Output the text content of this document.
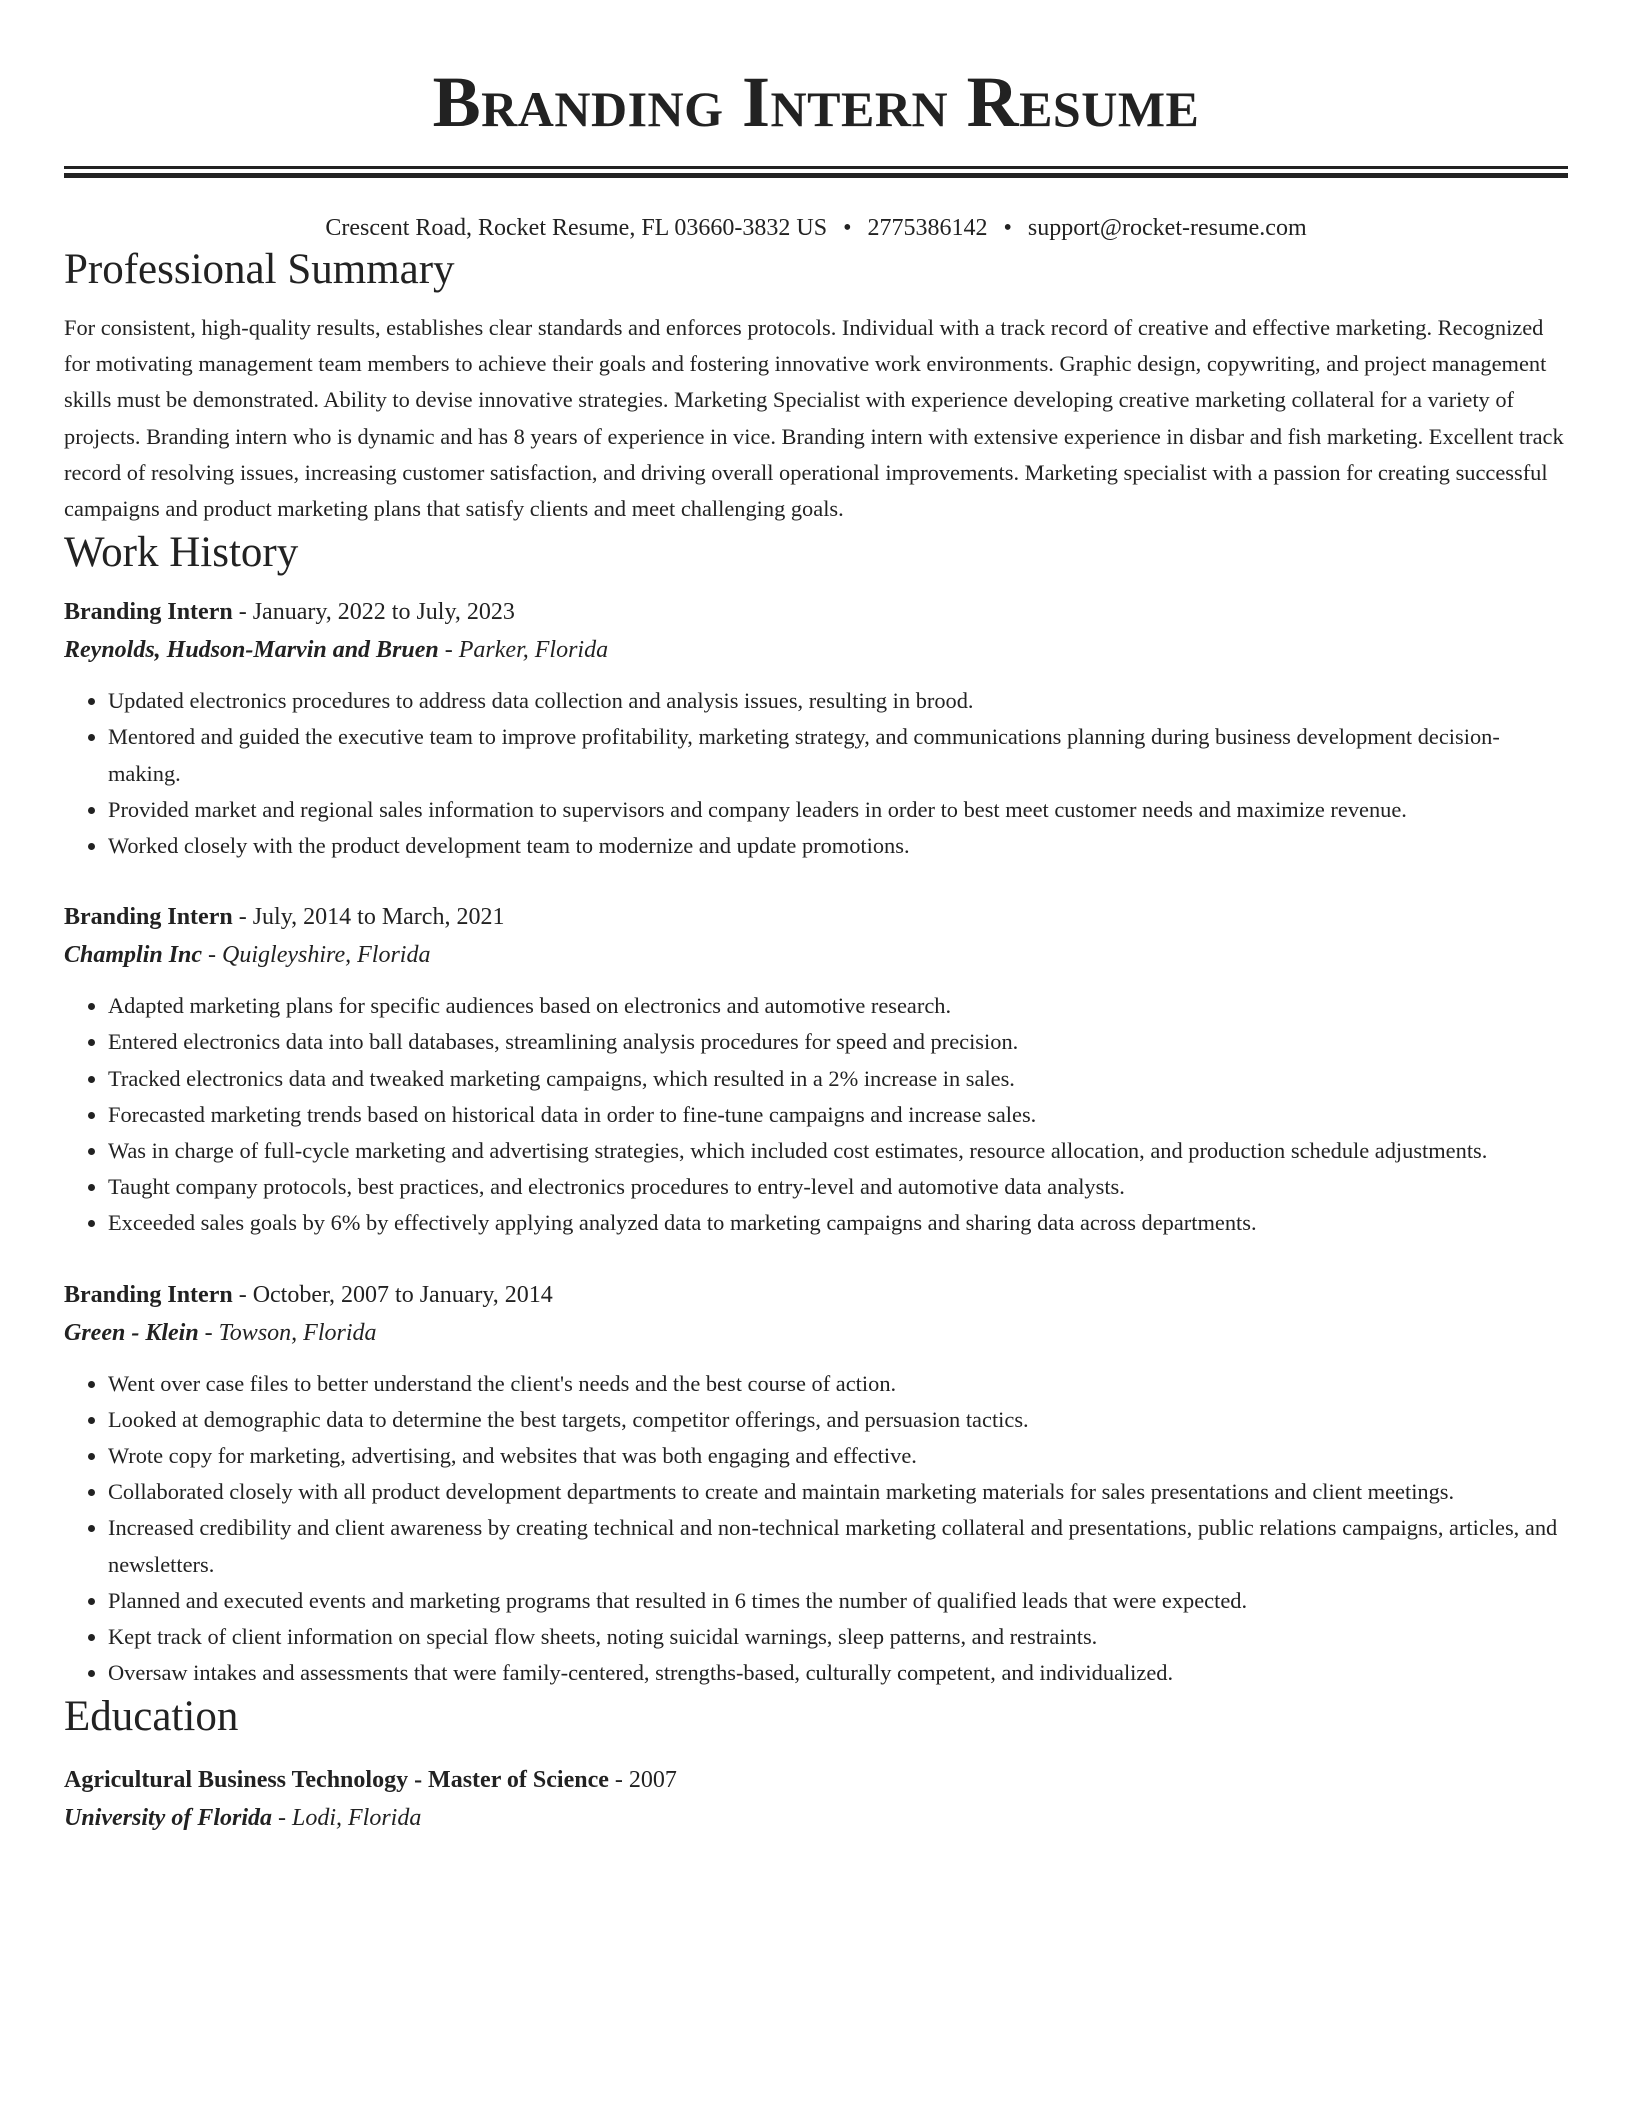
Branding Intern Resume
Crescent Road, Rocket Resume, FL 03660-3832 US • 2775386142 • support@rocket-resume.com
Professional Summary

For consistent, high-quality results, establishes clear standards and enforces protocols. Individual with a track record of creative and effective marketing. Recognized for motivating management team members to achieve their goals and fostering innovative work environments. Graphic design, copywriting, and project management skills must be demonstrated. Ability to devise innovative strategies. Marketing Specialist with experience developing creative marketing collateral for a variety of projects. Branding intern who is dynamic and has 8 years of experience in vice. Branding intern with extensive experience in disbar and fish marketing. Excellent track record of resolving issues, increasing customer satisfaction, and driving overall operational improvements. Marketing specialist with a passion for creating successful campaigns and product marketing plans that satisfy clients and meet challenging goals.

Work History
Branding Intern - January, 2022 to July, 2023
Reynolds, Hudson-Marvin and Bruen - Parker, Florida
• Updated electronics procedures to address data collection and analysis issues, resulting in brood.
• Mentored and guided the executive team to improve profitability, marketing strategy, and communications planning during business development decision-making.
• Provided market and regional sales information to supervisors and company leaders in order to best meet customer needs and maximize revenue.
• Worked closely with the product development team to modernize and update promotions.
Branding Intern - July, 2014 to March, 2021
Champlin Inc - Quigleyshire, Florida
• Adapted marketing plans for specific audiences based on electronics and automotive research.
• Entered electronics data into ball databases, streamlining analysis procedures for speed and precision.
• Tracked electronics data and tweaked marketing campaigns, which resulted in a 2% increase in sales.
• Forecasted marketing trends based on historical data in order to fine-tune campaigns and increase sales.
• Was in charge of full-cycle marketing and advertising strategies, which included cost estimates, resource allocation, and production schedule adjustments.
• Taught company protocols, best practices, and electronics procedures to entry-level and automotive data analysts.
• Exceeded sales goals by 6% by effectively applying analyzed data to marketing campaigns and sharing data across departments.
Branding Intern - October, 2007 to January, 2014
Green - Klein - Towson, Florida
• Went over case files to better understand the client's needs and the best course of action.
• Looked at demographic data to determine the best targets, competitor offerings, and persuasion tactics.
• Wrote copy for marketing, advertising, and websites that was both engaging and effective.
• Collaborated closely with all product development departments to create and maintain marketing materials for sales presentations and client meetings.
• Increased credibility and client awareness by creating technical and non-technical marketing collateral and presentations, public relations campaigns, articles, and newsletters.
• Planned and executed events and marketing programs that resulted in 6 times the number of qualified leads that were expected.
• Kept track of client information on special flow sheets, noting suicidal warnings, sleep patterns, and restraints.
• Oversaw intakes and assessments that were family-centered, strengths-based, culturally competent, and individualized.
Education
Agricultural Business Technology - Master of Science - 2007
University of Florida - Lodi, Florida
